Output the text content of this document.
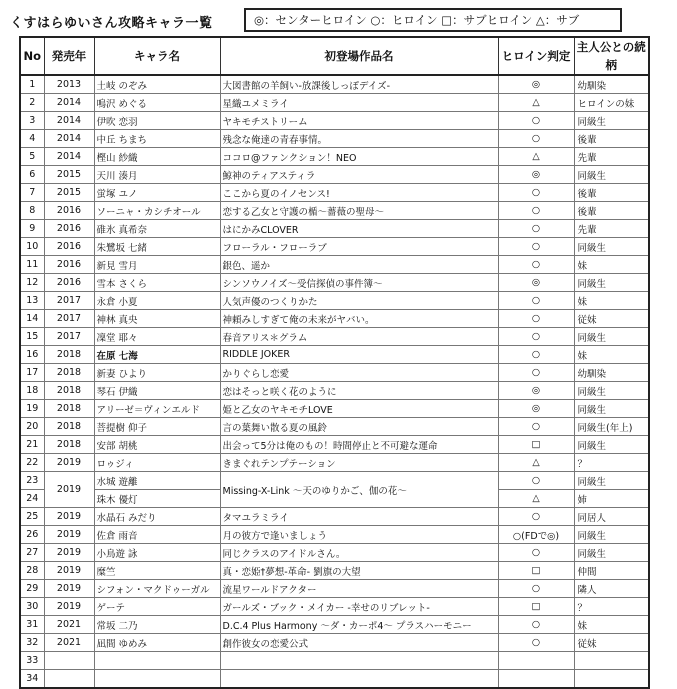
くすはらゆいさん攻略キャラ一覧	◎：センターヒロイン ○：ヒロイン □：サブヒロイン △：サブ
No	発売年	キャラ名	初登場作品名	ヒロイン判定	主人公との続柄
1	2013	土岐 のぞみ	大図書館の羊飼い-放課後しっぽデイズ-	◎	幼馴染
2	2014	鳴沢 めぐる	星織ユメミライ	△	ヒロインの妹
3	2014	伊吹 恋羽	ヤキモチストリーム	○	同級生
4	2014	中丘 ちまち	残念な俺達の青春事情。	○	後輩
5	2014	樫山 紗織	ココロ@ファンクション！NEO	△	先輩
6	2015	天川 湊月	鯨神のティアスティラ	◎	同級生
7	2015	蛍塚 ユノ	ここから夏のイノセンス!	○	後輩
8	2016	ソーニャ・カシチオール	恋する乙女と守護の楯～薔薇の聖母～	○	後輩
9	2016	碓氷 真希奈	はにかみCLOVER	○	先輩
10	2016	朱鷺坂 七緒	フローラル・フローラブ	○	同級生
11	2016	新見 雪月	銀色、遥か	○	妹
12	2016	雪本 さくら	シンソウノイズ～受信探偵の事件簿～	◎	同級生
13	2017	永倉 小夏	人気声優のつくりかた	○	妹
14	2017	神林 真央	神頼みしすぎて俺の未来がヤバい。	○	従妹
15	2017	凜堂 耶々	春音アリス＊グラム	○	同級生
16	2018	在原 七海	RIDDLE JOKER	○	妹
17	2018	新妻 ひより	かりぐらし恋愛	○	幼馴染
18	2018	琴石 伊織	恋はそっと咲く花のように	◎	同級生
19	2018	アリーゼ＝ヴィンエルド	姫と乙女のヤキモチLOVE	◎	同級生
20	2018	菩提樹 仰子	言の葉舞い散る夏の風鈴	○	同級生(年上)
21	2018	安部 胡桃	出会って5分は俺のもの！時間停止と不可避な運命	□	同級生
22	2019	ロゥジィ	きまぐれテンプテーション	△	？
23	2019	水城 遊離	Missing-X-Link ～天のゆりかご、伽の花～	○	同級生
24		珠木 優灯		△	姉
25	2019	水晶石 みだり	タマユラミライ	○	同居人
26	2019	佐倉 雨音	月の彼方で逢いましょう	○(FDで◎)	同級生
27	2019	小鳥遊 詠	同じクラスのアイドルさん。	○	同級生
28	2019	糜竺	真・恋姫†夢想-革命- 劉旗の大望	□	仲間
29	2019	シフォン・マクドゥーガル	流星ワールドアクター	○	隣人
30	2019	ゲーテ	ガールズ・ブック・メイカー -幸せのリブレット-	□	？
31	2021	常坂 二乃	D.C.4 Plus Harmony ～ダ・カーポ4～ プラスハーモニー	○	妹
32	2021	凪間 ゆめみ	創作彼女の恋愛公式	○	従妹
33					
34					
